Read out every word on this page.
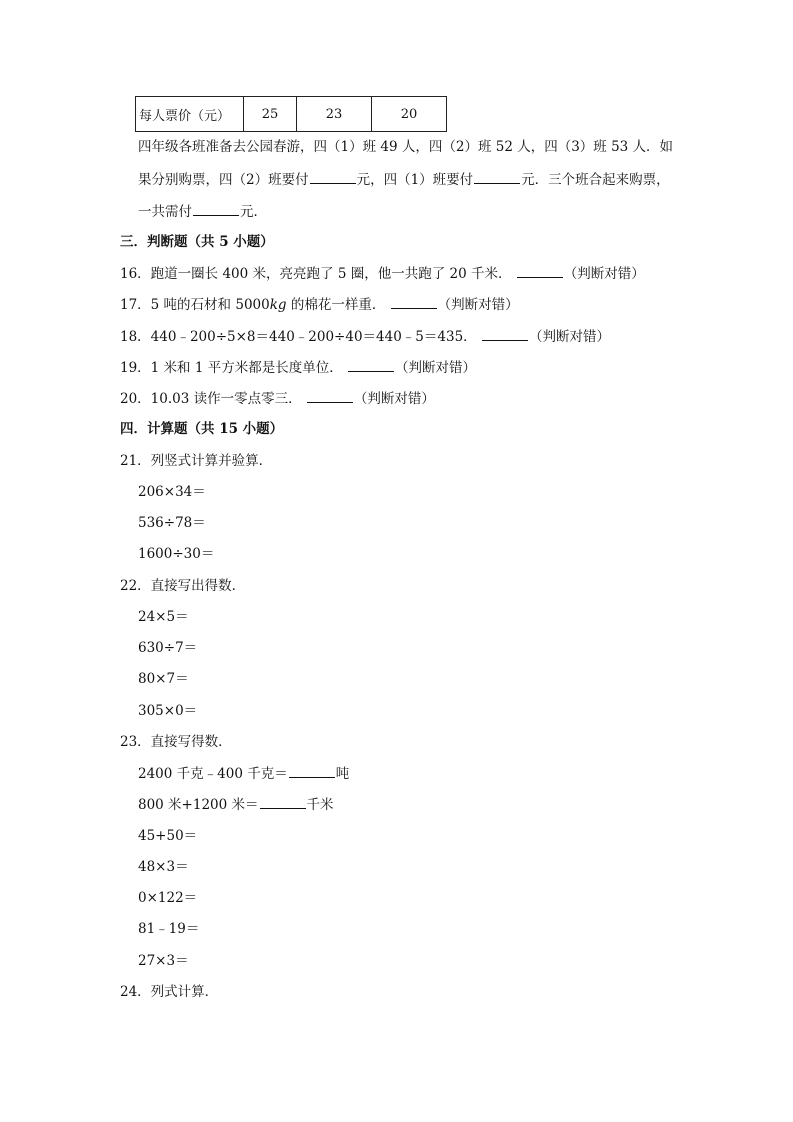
每人票价（元）	25	23	20
四年级各班准备去公园春游，四（1）班 49 人，四（2）班 52 人，四（3）班 53 人．如
果分别购票，四（2）班要付	元，四（1）班要付	元．三个班合起来购票，
一共需付	元．
三．判断题（共 5 小题）
16．跑道一圈长 400 米，亮亮跑了 5 圈，他一共跑了 20 千米．	（判断对错）
17．5 吨的石材和 5000kg 的棉花一样重．	（判断对错）
18．440﹣200÷5×8＝440﹣200÷40＝440﹣5＝435．	（判断对错）
19．1 米和 1 平方米都是长度单位．	（判断对错）
20．10.03 读作一零点零三．	（判断对错）
四．计算题（共 15 小题）
21．列竖式计算并验算．
206×34＝
536÷78＝
1600÷30＝
22．直接写出得数．
24×5＝
630÷7＝
80×7＝
305×0＝
23．直接写得数．
2400 千克﹣400 千克＝	吨
800 米+1200 米＝	千米
45+50＝
48×3＝
0×122＝
81﹣19＝
27×3＝
24．列式计算．
